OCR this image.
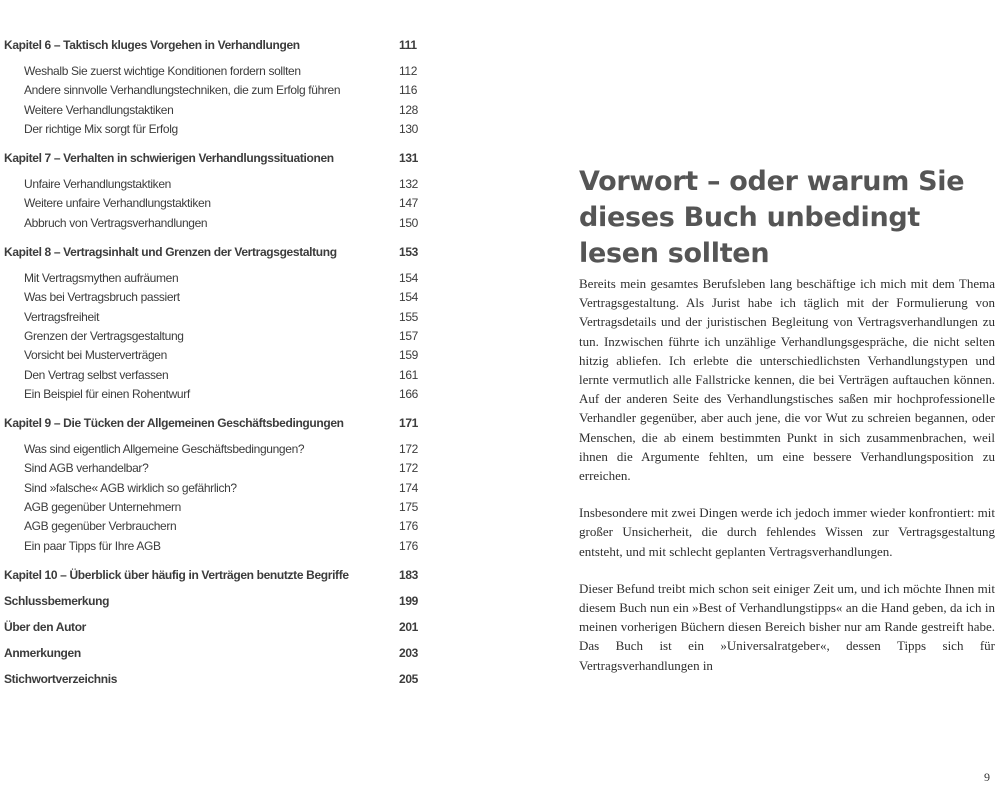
Kapitel 6 – Taktisch kluges Vorgehen in Verhandlungen	111
Weshalb Sie zuerst wichtige Konditionen fordern sollten	112
Andere sinnvolle Verhandlungstechniken, die zum Erfolg führen	116
Weitere Verhandlungstaktiken	128
Der richtige Mix sorgt für Erfolg	130
Kapitel 7 – Verhalten in schwierigen Verhandlungssituationen	131
Unfaire Verhandlungstaktiken	132
Weitere unfaire Verhandlungstaktiken	147
Abbruch von Vertragsverhandlungen	150
Kapitel 8 – Vertragsinhalt und Grenzen der Vertragsgestaltung	153
Mit Vertragsmythen aufräumen	154
Was bei Vertragsbruch passiert	154
Vertragsfreiheit	155
Grenzen der Vertragsgestaltung	157
Vorsicht bei Musterverträgen	159
Den Vertrag selbst verfassen	161
Ein Beispiel für einen Rohentwurf	166
Kapitel 9 – Die Tücken der Allgemeinen Geschäftsbedingungen	171
Was sind eigentlich Allgemeine Geschäftsbedingungen?	172
Sind AGB verhandelbar?	172
Sind »falsche« AGB wirklich so gefährlich?	174
AGB gegenüber Unternehmern	175
AGB gegenüber Verbrauchern	176
Ein paar Tipps für Ihre AGB	176
Kapitel 10 – Überblick über häufig in Verträgen benutzte Begriffe	183
Schlussbemerkung	199
Über den Autor	201
Anmerkungen	203
Stichwortverzeichnis	205
Vorwort – oder warum Sie dieses Buch unbedingt lesen sollten

Bereits mein gesamtes Berufsleben lang beschäftige ich mich mit dem Thema Vertragsgestaltung. Als Jurist habe ich täglich mit der Formulierung von Vertragsdetails und der juristischen Begleitung von Vertragsverhandlungen zu tun. Inzwischen führte ich unzählige Verhandlungsgespräche, die nicht selten hitzig abliefen. Ich erlebte die unterschiedlichsten Verhandlungstypen und lernte vermutlich alle Fallstricke kennen, die bei Verträgen auftauchen können. Auf der anderen Seite des Verhandlungstisches saßen mir hochprofessionelle Verhandler gegenüber, aber auch jene, die vor Wut zu schreien begannen, oder Menschen, die ab einem bestimmten Punkt in sich zusammenbrachen, weil ihnen die Argumente fehlten, um eine bessere Verhandlungsposition zu erreichen.

Insbesondere mit zwei Dingen werde ich jedoch immer wieder konfrontiert: mit großer Unsicherheit, die durch fehlendes Wissen zur Vertragsgestaltung entsteht, und mit schlecht geplanten Vertragsverhandlungen.

Dieser Befund treibt mich schon seit einiger Zeit um, und ich möchte Ihnen mit diesem Buch nun ein »Best of Verhandlungstipps« an die Hand geben, da ich in meinen vorherigen Büchern diesen Bereich bisher nur am Rande gestreift habe. Das Buch ist ein »Universalratgeber«, dessen Tipps sich für Vertragsverhandlungen in

9
